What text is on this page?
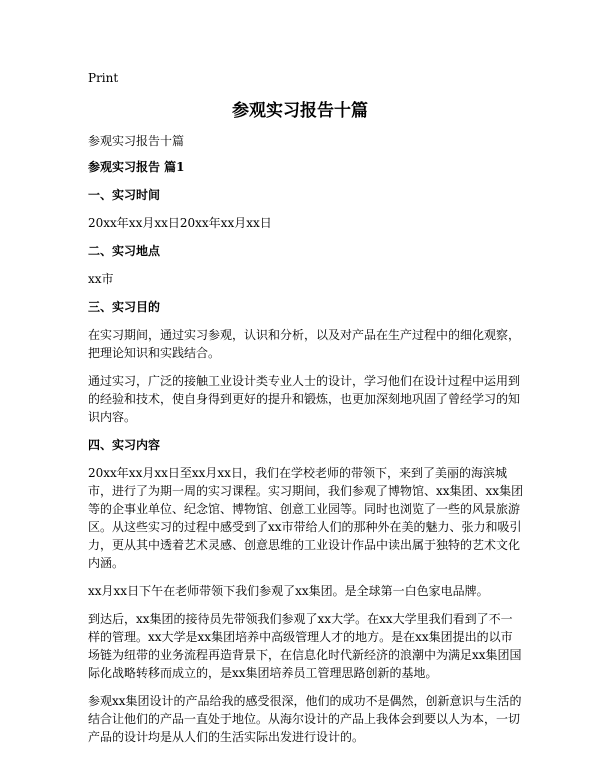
Print
参观实习报告十篇
参观实习报告十篇
参观实习报告 篇1
一、实习时间
20xx年xx月xx日20xx年xx月xx日
二、实习地点
xx市
三、实习目的
在实习期间，通过实习参观，认识和分析，以及对产品在生产过程中的细化观察，把理论知识和实践结合。
通过实习，广泛的接触工业设计类专业人士的设计，学习他们在设计过程中运用到的经验和技术，使自身得到更好的提升和锻炼，也更加深刻地巩固了曾经学习的知识内容。
四、实习内容
20xx年xx月xx日至xx月xx日，我们在学校老师的带领下，来到了美丽的海滨城市，进行了为期一周的实习课程。实习期间，我们参观了博物馆、xx集团、xx集团等的企事业单位、纪念馆、博物馆、创意工业园等。同时也浏览了一些的风景旅游区。从这些实习的过程中感受到了xx市带给人们的那种外在美的魅力、张力和吸引力，更从其中透着艺术灵感、创意思维的工业设计作品中读出属于独特的艺术文化内涵。
xx月xx日下午在老师带领下我们参观了xx集团。是全球第一白色家电品牌。
到达后，xx集团的接待员先带领我们参观了xx大学。在xx大学里我们看到了不一样的管理。xx大学是xx集团培养中高级管理人才的地方。是在xx集团提出的以市场链为纽带的业务流程再造背景下，在信息化时代新经济的浪潮中为满足xx集团国际化战略转移而成立的，是xx集团培养员工管理思路创新的基地。
参观xx集团设计的产品给我的感受很深，他们的成功不是偶然，创新意识与生活的结合让他们的产品一直处于地位。从海尔设计的产品上我体会到要以人为本，一切产品的设计均是从人们的生活实际出发进行设计的。
